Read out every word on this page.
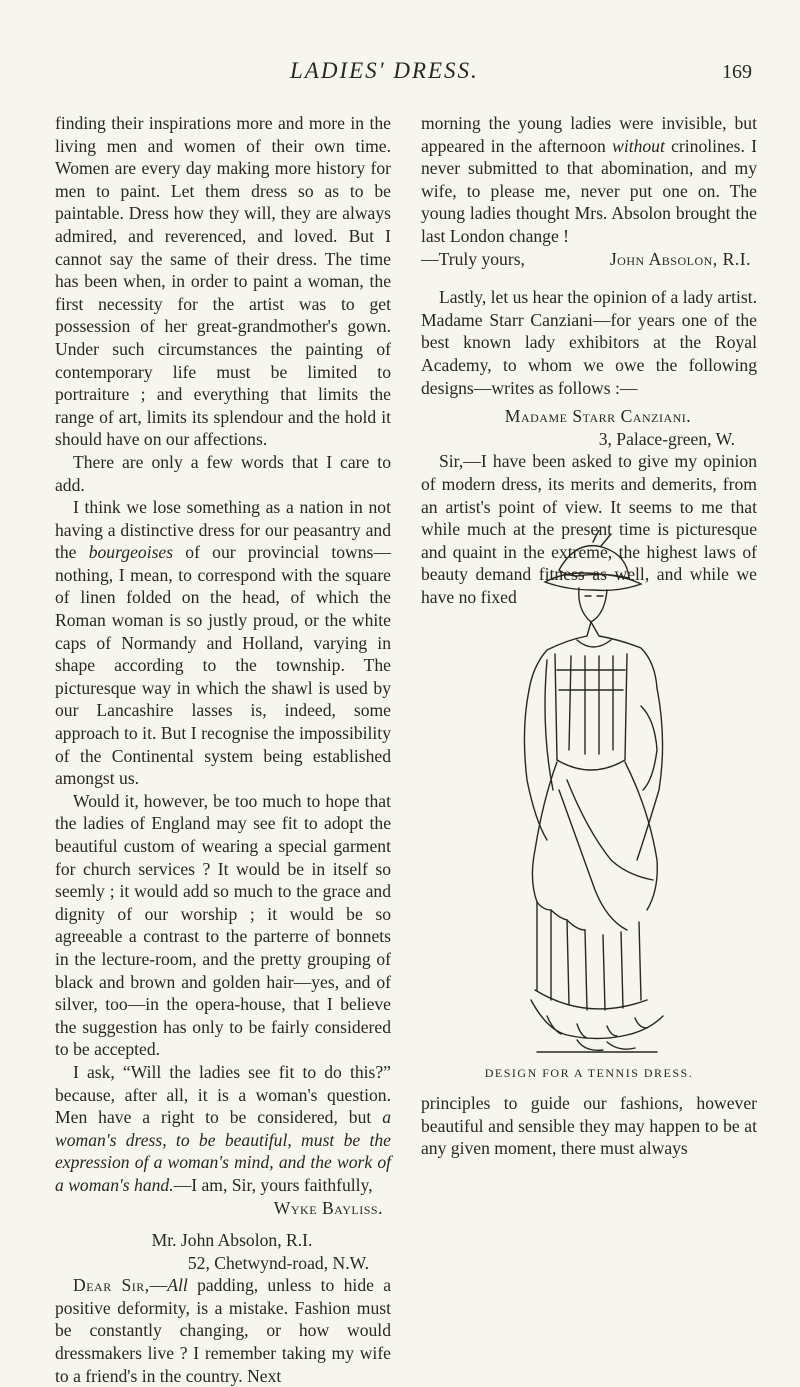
LADIES' DRESS.	169

finding their inspirations more and more in the living men and women of their own time. Women are every day making more history for men to paint. Let them dress so as to be paintable. Dress how they will, they are always admired, and reverenced, and loved. But I cannot say the same of their dress. The time has been when, in order to paint a woman, the first necessity for the artist was to get possession of her great-grandmother's gown. Under such circumstances the painting of contemporary life must be limited to portraiture ; and everything that limits the range of art, limits its splendour and the hold it should have on our affections.

There are only a few words that I care to add.

I think we lose something as a nation in not having a distinctive dress for our peasantry and the bourgeoises of our provincial towns—nothing, I mean, to correspond with the square of linen folded on the head, of which the Roman woman is so justly proud, or the white caps of Normandy and Holland, varying in shape according to the township. The picturesque way in which the shawl is used by our Lancashire lasses is, indeed, some approach to it. But I recognise the impossibility of the Continental system being established amongst us.

Would it, however, be too much to hope that the ladies of England may see fit to adopt the beautiful custom of wearing a special garment for church services ? It would be in itself so seemly ; it would add so much to the grace and dignity of our worship ; it would be so agreeable a contrast to the parterre of bonnets in the lecture-room, and the pretty grouping of black and brown and golden hair—yes, and of silver, too—in the opera-house, that I believe the suggestion has only to be fairly considered to be accepted.

I ask, “Will the ladies see fit to do this?” because, after all, it is a woman's question. Men have a right to be considered, but a woman's dress, to be beautiful, must be the expression of a woman's mind, and the work of a woman's hand.—I am, Sir, yours faithfully,

Wyke Bayliss.

Mr. John Absolon, R.I.

52, Chetwynd-road, N.W.

Dear Sir,—All padding, unless to hide a positive deformity, is a mistake. Fashion must be constantly changing, or how would dressmakers live ? I remember taking my wife to a friend's in the country. Next

morning the young ladies were invisible, but appeared in the afternoon without crinolines. I never submitted to that abomination, and my wife, to please me, never put one on. The young ladies thought Mrs. Absolon brought the last London change !

—Truly yours,	John Absolon, R.I.

Lastly, let us hear the opinion of a lady artist. Madame Starr Canziani—for years one of the best known lady exhibitors at the Royal Academy, to whom we owe the following designs—writes as follows :—

Madame Starr Canziani.

3, Palace-green, W.

Sir,—I have been asked to give my opinion of modern dress, its merits and demerits, from an artist's point of view. It seems to me that while much at the present time is picturesque and quaint in the extreme, the highest laws of beauty demand fitness as well, and while we have no fixed

DESIGN FOR A TENNIS DRESS.

principles to guide our fashions, however beautiful and sensible they may happen to be at any given moment, there must always
